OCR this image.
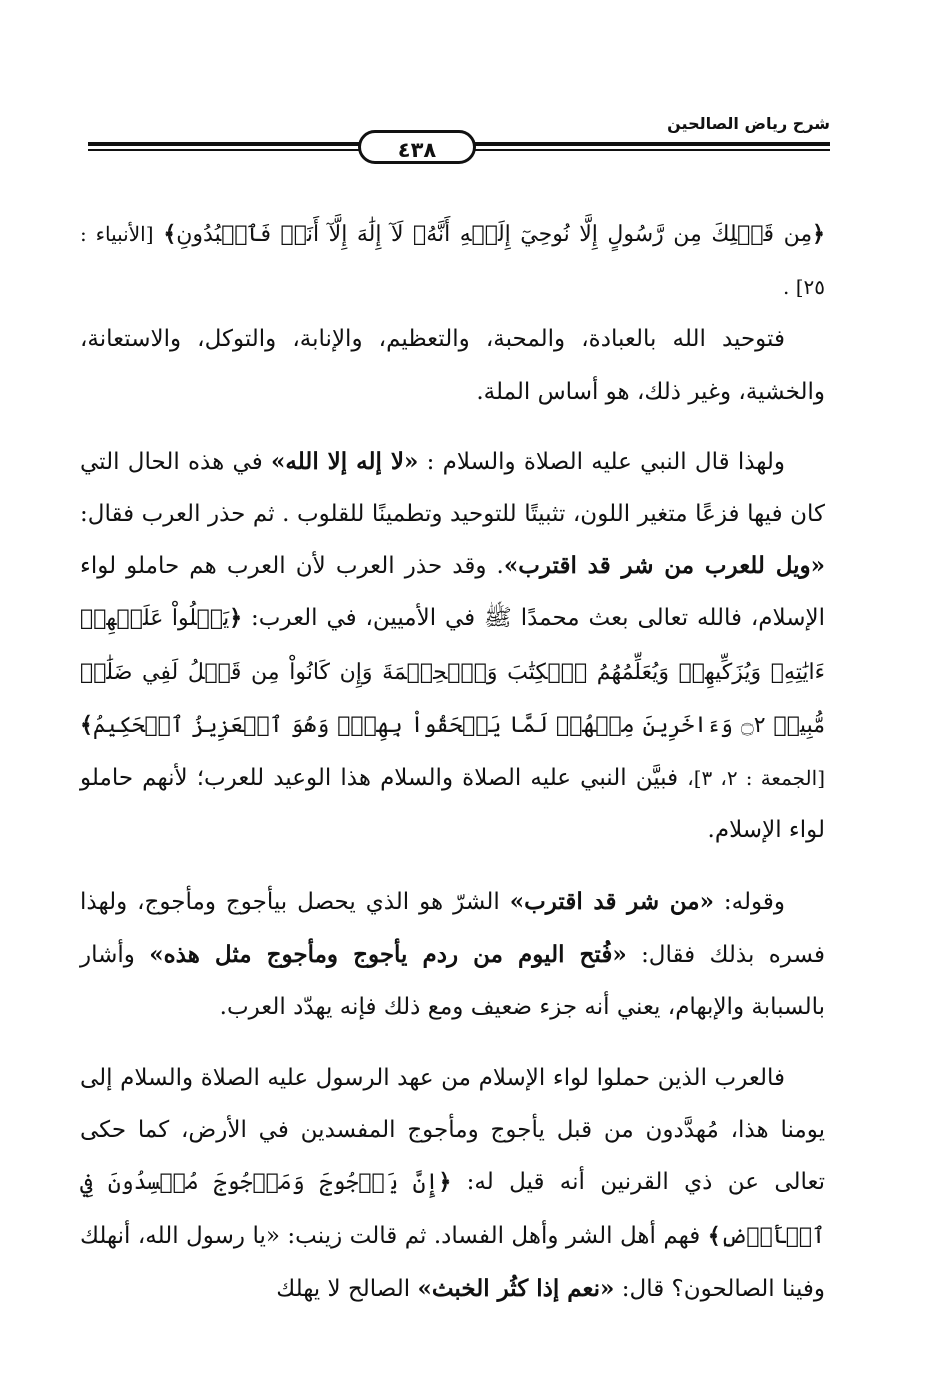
شرح رياض الصالحين
٤٣٨

﴿مِن قَبۡلِكَ مِن رَّسُولٍ إِلَّا نُوحِيٓ إِلَيۡهِ أَنَّهُۥ لَآ إِلَٰهَ إِلَّآ أَنَا۠ فَٱعۡبُدُونِ﴾ [الأنبياء : ٢٥] .

فتوحيد الله بالعبادة، والمحبة، والتعظيم، والإنابة، والتوكل، والاستعانة، والخشية، وغير ذلك، هو أساس الملة.

ولهذا قال النبي عليه الصلاة والسلام : «لا إله إلا الله» في هذه الحال التي كان فيها فزعًا متغير اللون، تثبيتًا للتوحيد وتطمينًا للقلوب . ثم حذر العرب فقال: «ويل للعرب من شر قد اقترب». وقد حذر العرب لأن العرب هم حاملو لواء الإسلام، فالله تعالى بعث محمدًا ﷺ في الأميين، في العرب: ﴿يَتۡلُواْ عَلَيۡهِمۡ ءَايَٰتِهِۦ وَيُزَكِّيهِمۡ وَيُعَلِّمُهُمُ ٱلۡكِتَٰبَ وَٱلۡحِكۡمَةَ وَإِن كَانُواْ مِن قَبۡلُ لَفِي ضَلَٰلٖ مُّبِينٖ ۝٢ وَءَاخَرِينَ مِنۡهُمۡ لَمَّا يَلۡحَقُواْ بِهِمۡۚ وَهُوَ ٱلۡعَزِيزُ ٱلۡحَكِيمُ﴾ [الجمعة : ٢، ٣]، فبيَّن النبي عليه الصلاة والسلام هذا الوعيد للعرب؛ لأنهم حاملو لواء الإسلام.

وقوله: «من شر قد اقترب» الشرّ هو الذي يحصل بيأجوج ومأجوج، ولهذا فسره بذلك فقال: «فُتح اليوم من ردم يأجوج ومأجوج مثل هذه» وأشار بالسبابة والإبهام، يعني أنه جزء ضعيف ومع ذلك فإنه يهدّد العرب.

فالعرب الذين حملوا لواء الإسلام من عهد الرسول عليه الصلاة والسلام إلى يومنا هذا، مُهدَّدون من قبل يأجوج ومأجوج المفسدين في الأرض، كما حكى تعالى عن ذي القرنين أنه قيل له: ﴿إِنَّ يَأۡجُوجَ وَمَأۡجُوجَ مُفۡسِدُونَ فِي ٱلۡأَرۡضِ﴾ فهم أهل الشر وأهل الفساد. ثم قالت زينب: «يا رسول الله، أنهلك وفينا الصالحون؟ قال: «نعم إذا كثُر الخبث» الصالح لا يهلك
